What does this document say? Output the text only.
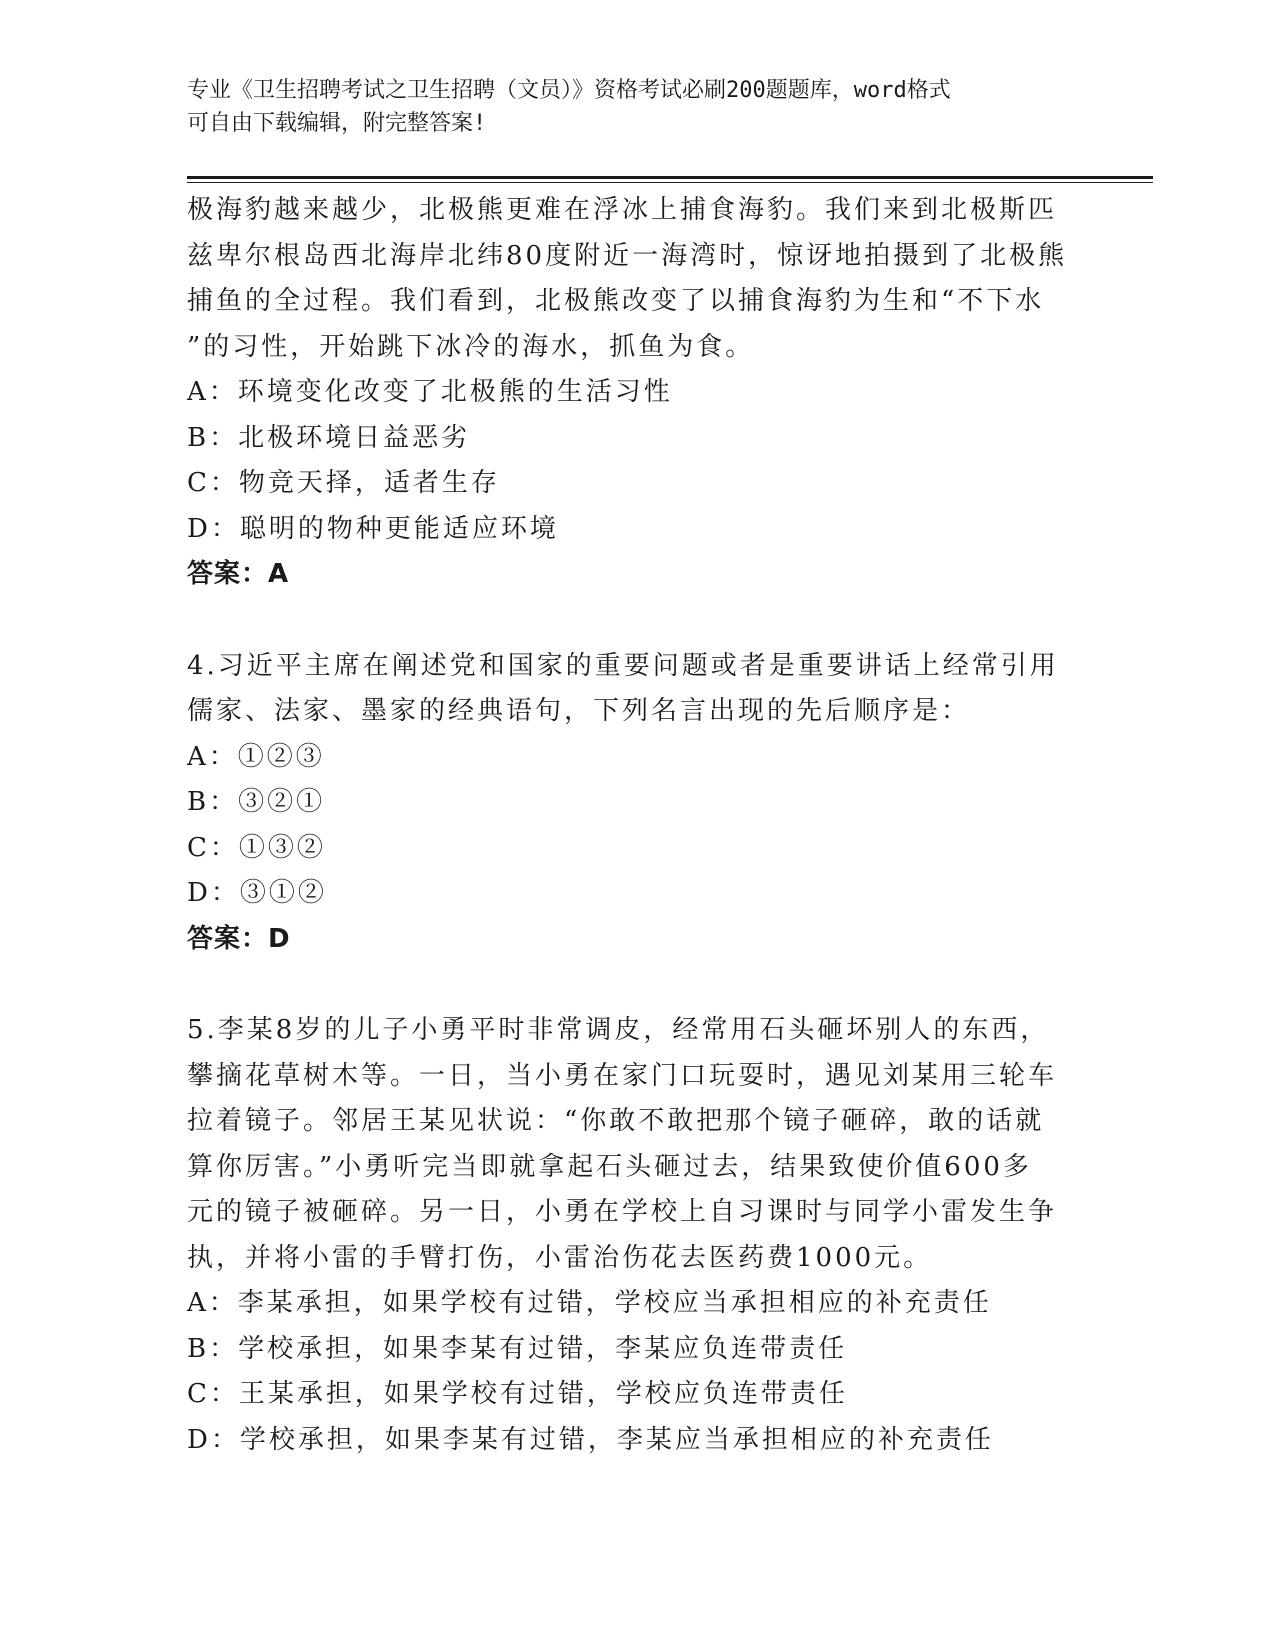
专业《卫生招聘考试之卫生招聘（文员）》资格考试必刷200题题库，word格式
可自由下载编辑，附完整答案!
极海豹越来越少，北极熊更难在浮冰上捕食海豹。我们来到北极斯匹
兹卑尔根岛西北海岸北纬80度附近一海湾时，惊讶地拍摄到了北极熊
捕鱼的全过程。我们看到，北极熊改变了以捕食海豹为生和“不下水
”的习性，开始跳下冰冷的海水，抓鱼为食。
A：环境变化改变了北极熊的生活习性
B：北极环境日益恶劣
C：物竞天择，适者生存
D：聪明的物种更能适应环境
答案：A
4.习近平主席在阐述党和国家的重要问题或者是重要讲话上经常引用
儒家、法家、墨家的经典语句，下列名言出现的先后顺序是：
A：①②③
B：③②①
C：①③②
D：③①②
答案：D
5.李某8岁的儿子小勇平时非常调皮，经常用石头砸坏别人的东西，
攀摘花草树木等。一日，当小勇在家门口玩耍时，遇见刘某用三轮车
拉着镜子。邻居王某见状说：“你敢不敢把那个镜子砸碎，敢的话就
算你厉害。”小勇听完当即就拿起石头砸过去，结果致使价值600多
元的镜子被砸碎。另一日，小勇在学校上自习课时与同学小雷发生争
执，并将小雷的手臂打伤，小雷治伤花去医药费1000元。
A：李某承担，如果学校有过错，学校应当承担相应的补充责任
B：学校承担，如果李某有过错，李某应负连带责任
C：王某承担，如果学校有过错，学校应负连带责任
D：学校承担，如果李某有过错，李某应当承担相应的补充责任
